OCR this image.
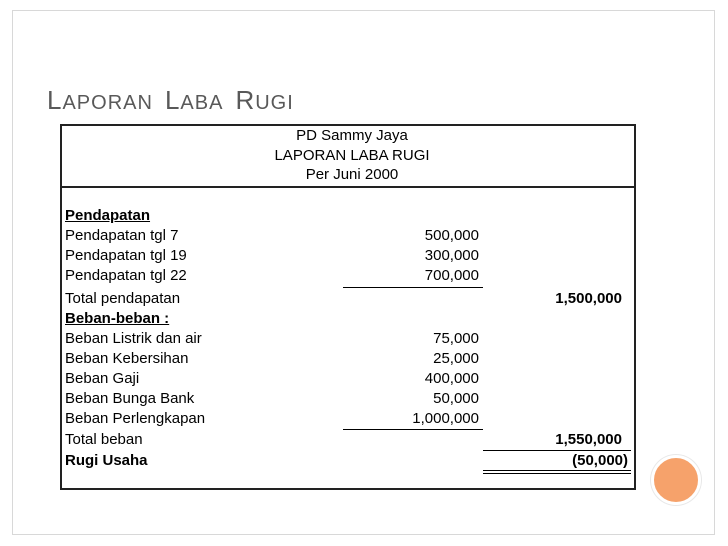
LAPORAN LABA RUGI
PD Sammy Jaya
LAPORAN LABA RUGI
Per Juni 2000
Pendapatan
Pendapatan tgl 7	500,000
Pendapatan tgl 19	300,000
Pendapatan tgl 22	700,000
Total pendapatan	1,500,000
Beban-beban :
Beban Listrik dan air	75,000
Beban Kebersihan	25,000
Beban Gaji	400,000
Beban Bunga Bank	50,000
Beban Perlengkapan	1,000,000
Total beban	1,550,000
Rugi Usaha	(50,000)
